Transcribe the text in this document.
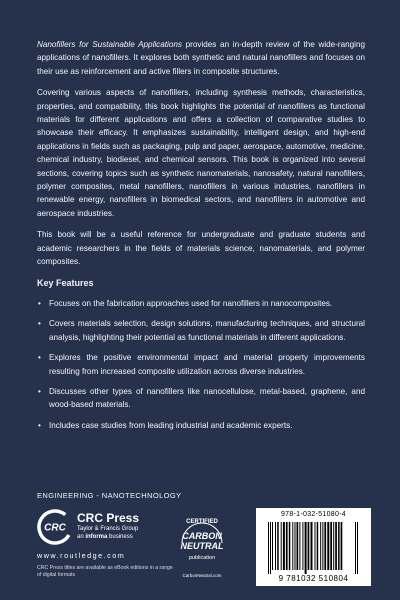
Nanofillers for Sustainable Applications provides an in-depth review of the wide-ranging applications of nanofillers. It explores both synthetic and natural nanofillers and focuses on their use as reinforcement and active fillers in composite structures.

Covering various aspects of nanofillers, including synthesis methods, characteristics, properties, and compatibility, this book highlights the potential of nanofillers as functional materials for different applications and offers a collection of comparative studies to showcase their efficacy. It emphasizes sustainability, intelligent design, and high-end applications in fields such as packaging, pulp and paper, aerospace, automotive, medicine, chemical industry, biodiesel, and chemical sensors. This book is organized into several sections, covering topics such as synthetic nanomaterials, nanosafety, natural nanofillers, polymer composites, metal nanofillers, nanofillers in various industries, nanofillers in renewable energy, nanofillers in biomedical sectors, and nanofillers in automotive and aerospace industries.

This book will be a useful reference for undergraduate and graduate students and academic researchers in the fields of materials science, nanomaterials, and polymer composites.

Key Features
• Focuses on the fabrication approaches used for nanofillers in nanocomposites.
• Covers materials selection, design solutions, manufacturing techniques, and structural analysis, highlighting their potential as functional materials in different applications.
• Explores the positive environmental impact and material property improvements resulting from increased composite utilization across diverse industries.
• Discusses other types of nanofillers like nanocellulose, metal-based, graphene, and wood-based materials.
• Includes case studies from leading industrial and academic experts.
ENGINEERING - NANOTECHNOLOGY
CRC
CRC Press
Taylor & Francis Group
an informa business
www.routledge.com
CRC Press titles are available as eBook editions in a range of digital formats
CERTIFIED
CARBON
NEUTRAL
publication
CarbonNeutral.com
978-1-032-51080-4
9 781032 510804
